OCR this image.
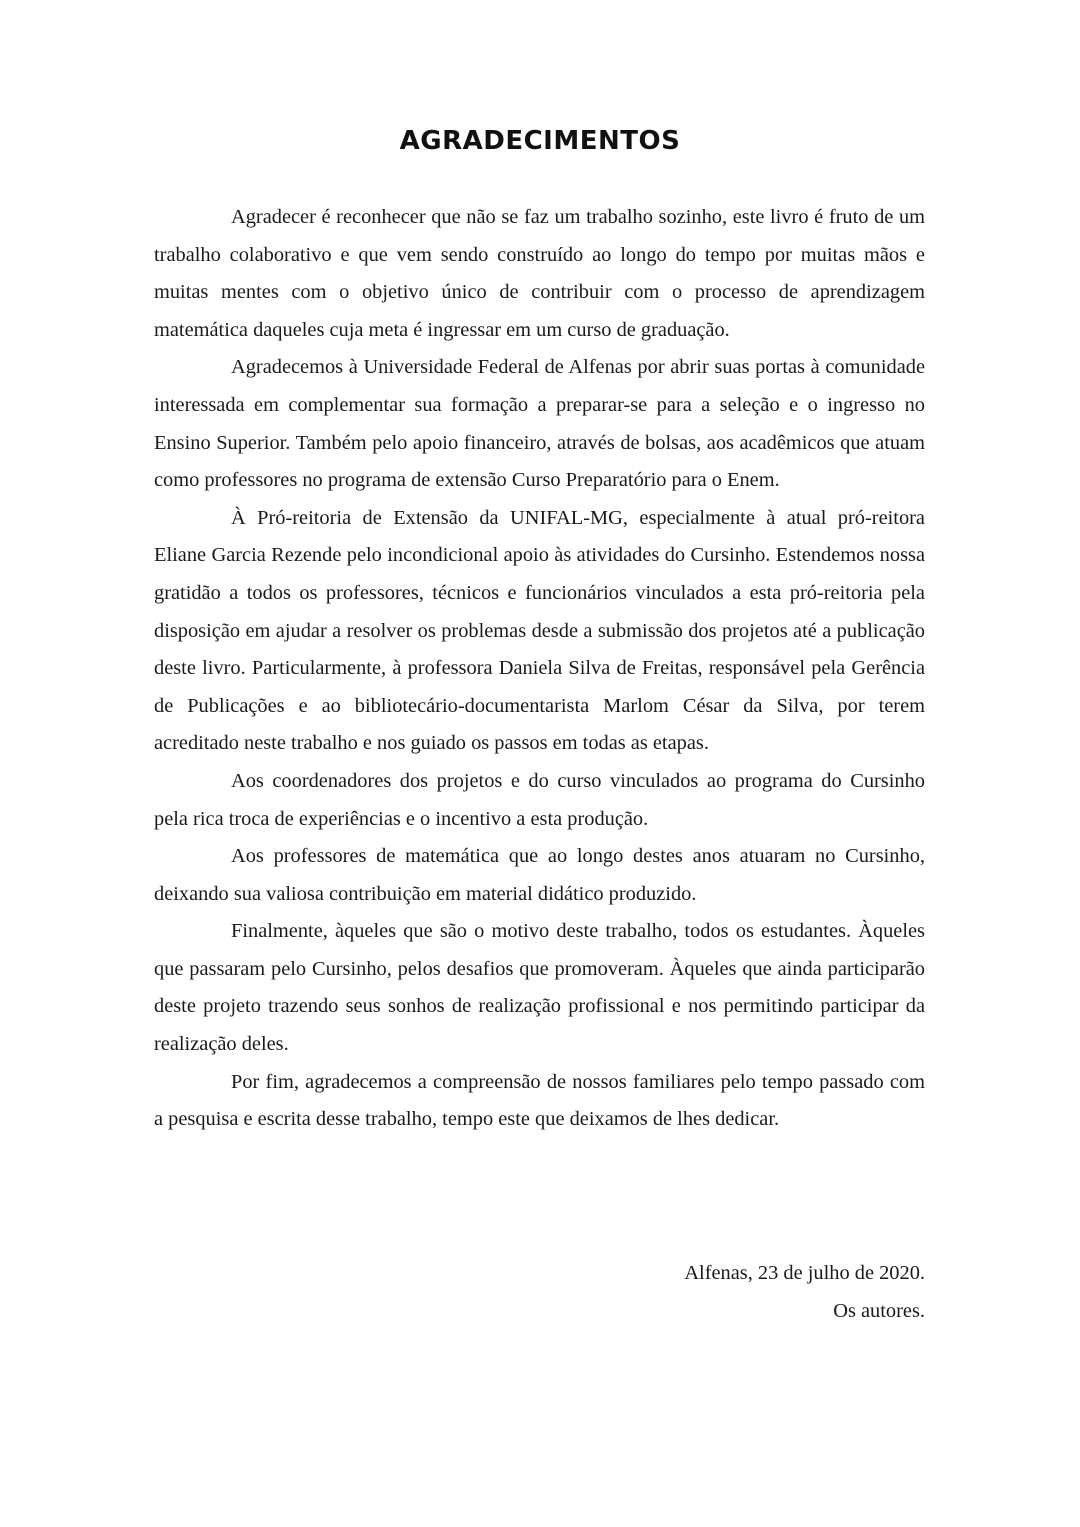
AGRADECIMENTOS

Agradecer é reconhecer que não se faz um trabalho sozinho, este livro é fruto de um trabalho colaborativo e que vem sendo construído ao longo do tempo por muitas mãos e muitas mentes com o objetivo único de contribuir com o processo de aprendizagem matemática daqueles cuja meta é ingressar em um curso de graduação.

Agradecemos à Universidade Federal de Alfenas por abrir suas portas à comunidade interessada em complementar sua formação a preparar-se para a seleção e o ingresso no Ensino Superior. Também pelo apoio financeiro, através de bolsas, aos acadêmicos que atuam como professores no programa de extensão Curso Preparatório para o Enem.

À Pró-reitoria de Extensão da UNIFAL-MG, especialmente à atual pró-reitora Eliane Garcia Rezende pelo incondicional apoio às atividades do Cursinho. Estendemos nossa gratidão a todos os professores, técnicos e funcionários vinculados a esta pró-reitoria pela disposição em ajudar a resolver os problemas desde a submissão dos projetos até a publicação deste livro. Particularmente, à professora Daniela Silva de Freitas, responsável pela Gerência de Publicações e ao bibliotecário-documentarista Marlom César da Silva, por terem acreditado neste trabalho e nos guiado os passos em todas as etapas.

Aos coordenadores dos projetos e do curso vinculados ao programa do Cursinho pela rica troca de experiências e o incentivo a esta produção.

Aos professores de matemática que ao longo destes anos atuaram no Cursinho, deixando sua valiosa contribuição em material didático produzido.

Finalmente, àqueles que são o motivo deste trabalho, todos os estudantes. Àqueles que passaram pelo Cursinho, pelos desafios que promoveram. Àqueles que ainda participarão deste projeto trazendo seus sonhos de realização profissional e nos permitindo participar da realização deles.

Por fim, agradecemos a compreensão de nossos familiares pelo tempo passado com a pesquisa e escrita desse trabalho, tempo este que deixamos de lhes dedicar.

Alfenas, 23 de julho de 2020.
Os autores.
